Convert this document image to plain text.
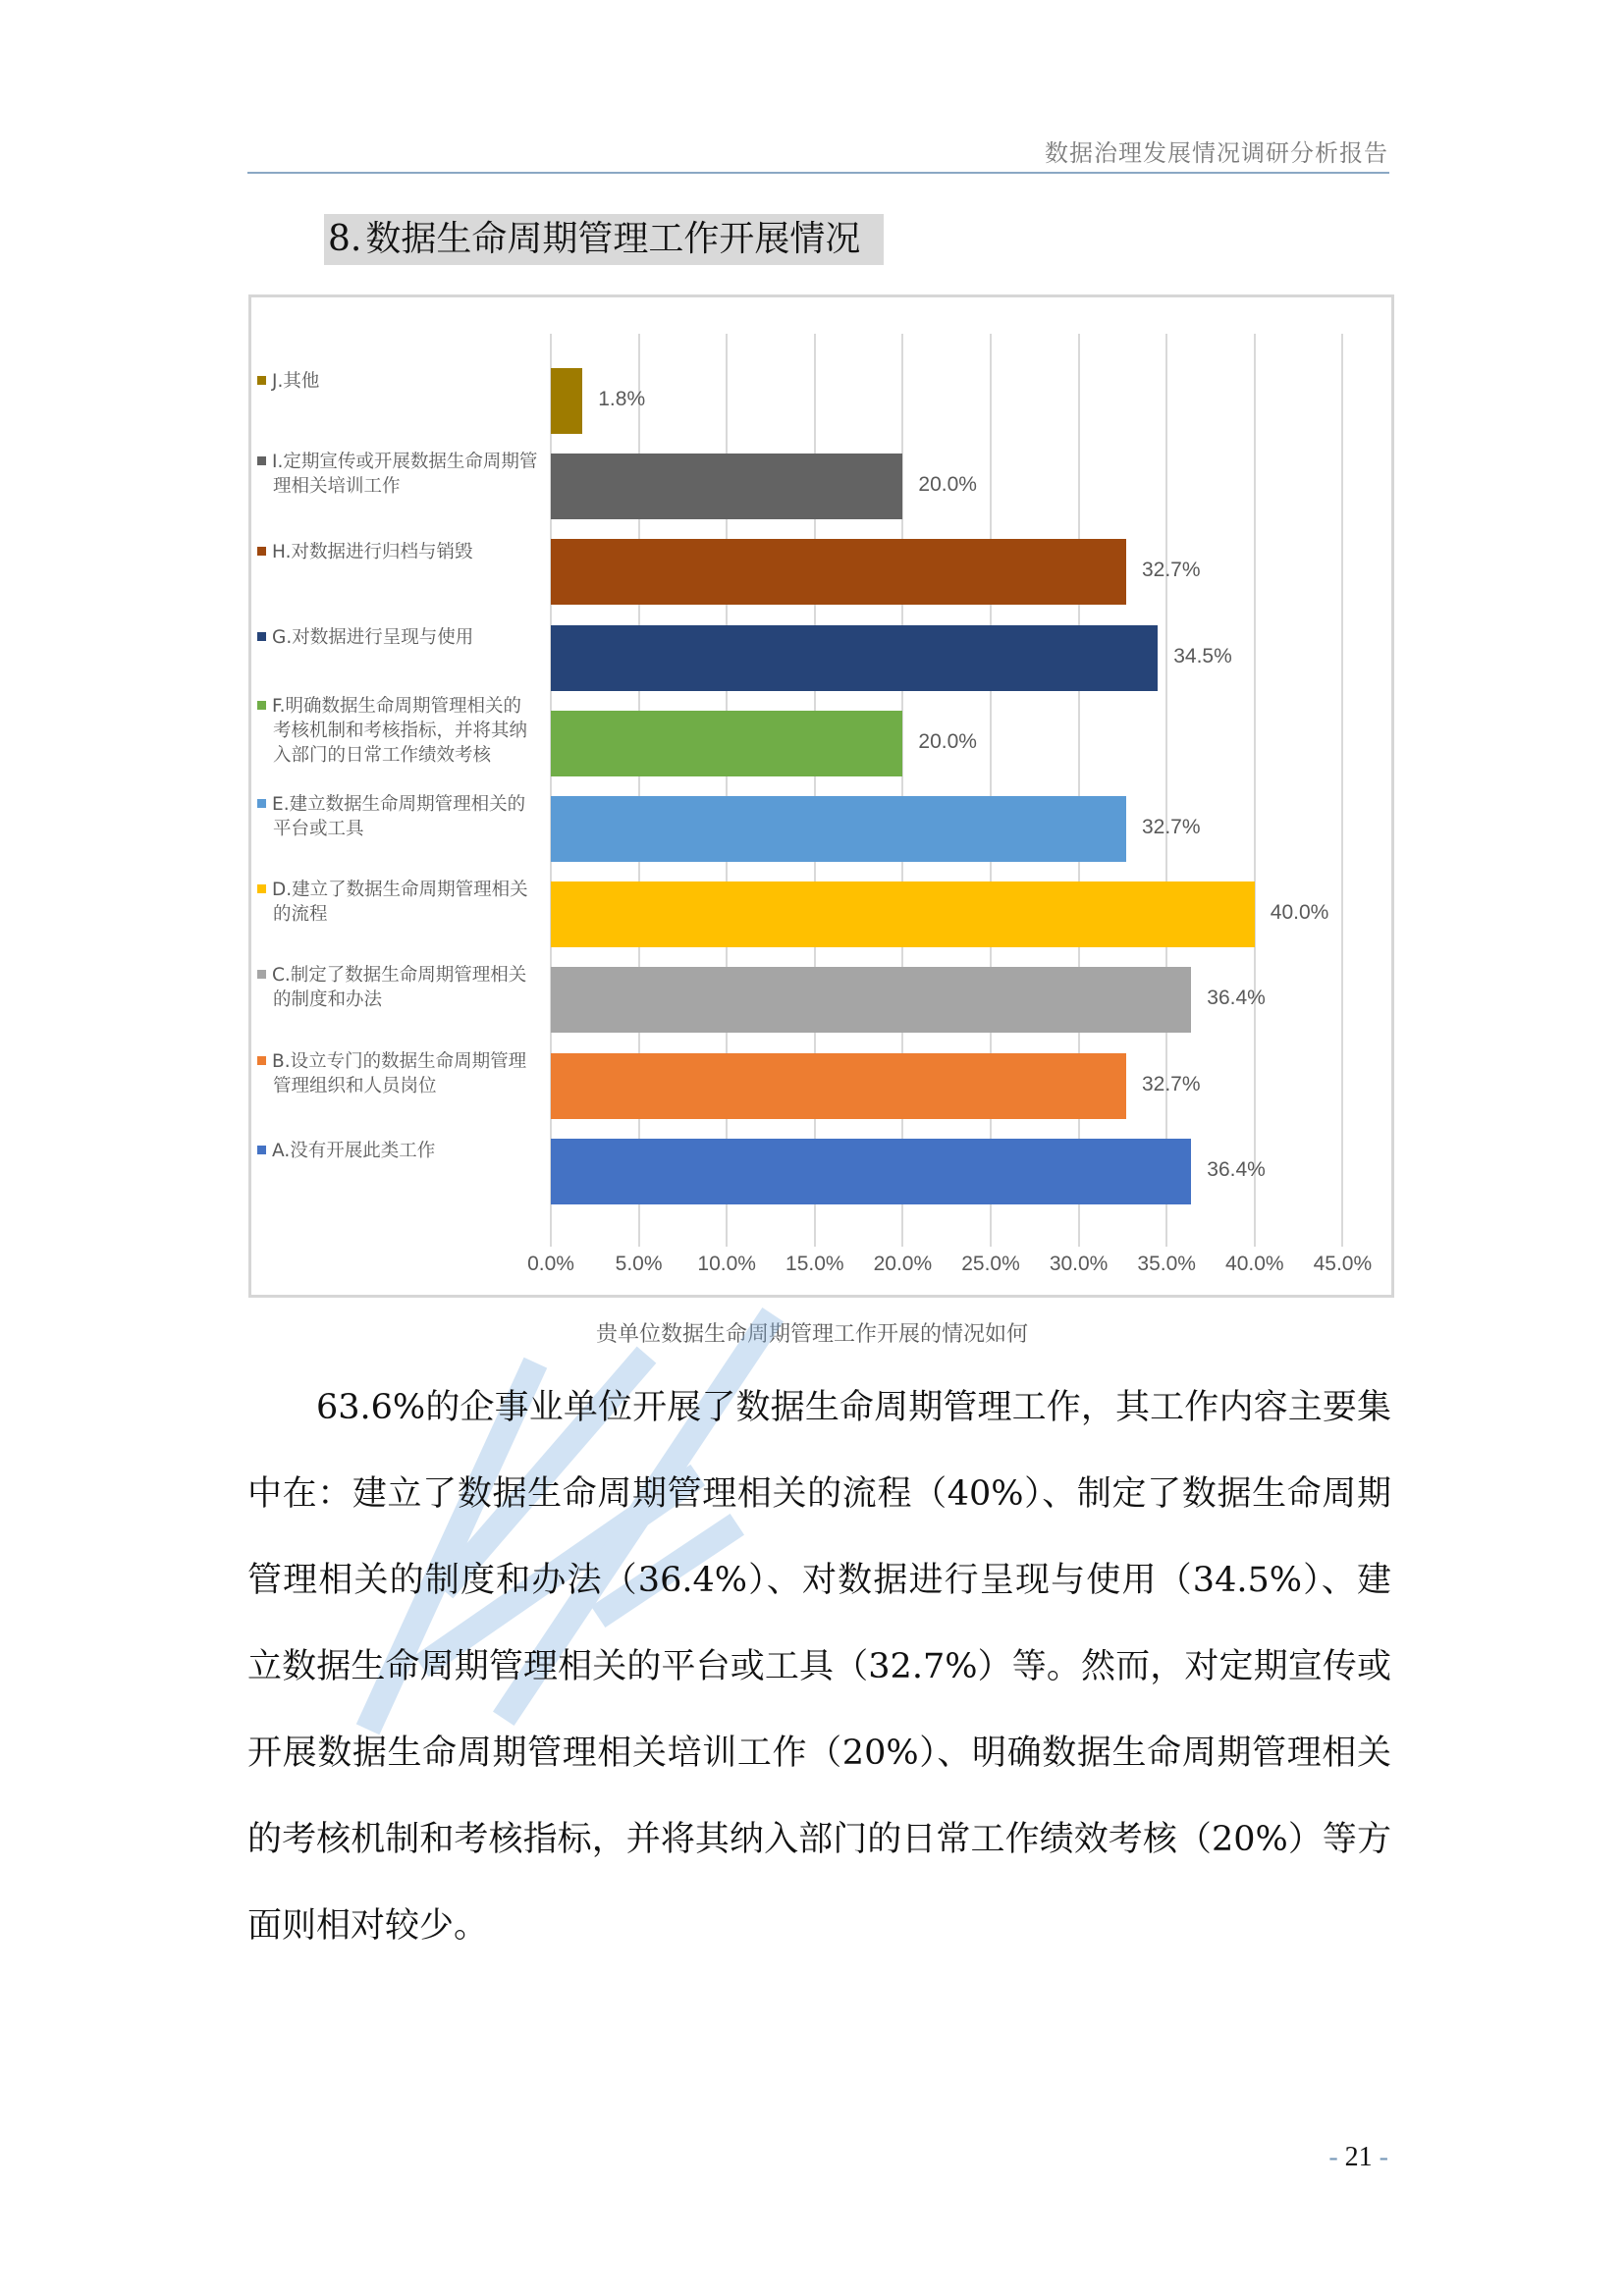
数据治理发展情况调研分析报告
8. 数据生命周期管理工作开展情况
0.0%	5.0%	10.0%	15.0%	20.0%	25.0%	30.0%	35.0%	40.0%	45.0%
1.8%
J.其他
20.0%
I.定期宣传或开展数据生命周期管
理相关培训工作
32.7%
H.对数据进行归档与销毁
34.5%
G.对数据进行呈现与使用
20.0%
F.明确数据生命周期管理相关的
考核机制和考核指标，并将其纳
入部门的日常工作绩效考核
32.7%
E.建立数据生命周期管理相关的
平台或工具
40.0%
D.建立了数据生命周期管理相关
的流程
36.4%
C.制定了数据生命周期管理相关
的制度和办法
32.7%
B.设立专门的数据生命周期管理
管理组织和人员岗位
36.4%
A.没有开展此类工作
贵单位数据生命周期管理工作开展的情况如何

63.6%的企事业单位开展了数据生命周期管理工作，其工作内容主要集中在：建立了数据生命周期管理相关的流程（40%）、制定了数据生命周期管理相关的制度和办法（36.4%）、对数据进行呈现与使用（34.5%）、建立数据生命周期管理相关的平台或工具（32.7%）等。然而，对定期宣传或开展数据生命周期管理相关培训工作（20%）、明确数据生命周期管理相关的考核机制和考核指标，并将其纳入部门的日常工作绩效考核（20%）等方面则相对较少。

- 21 -
